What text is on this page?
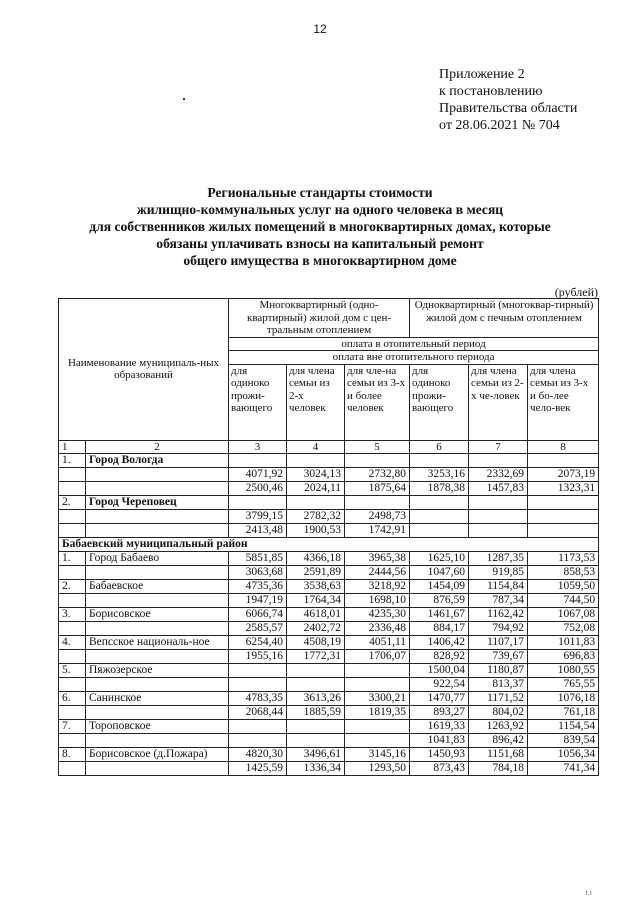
12
Приложение 2
к постановлению
Правительства области
от 28.06.2021 № 704
Региональные стандарты стоимости
жилищно-коммунальных услуг на одного человека в месяц
для собственников жилых помещений в многоквартирных домах, которые
обязаны уплачивать взносы на капитальный ремонт
общего имущества в многоквартирном доме
(рублей)
Наименование муниципаль-ных образований		Многоквартирный (одно-квартирный) жилой дом с цен-тральным отоплением			Одноквартирный (многоквар-тирный) жилой дом с печным отоплением		
		оплата в отопительный период					
		оплата вне отопительного периода					
		для одиноко прожи-вающего	для члена семьи из 2-х человек	для чле-на семьи из 3-х и более человек	для одиноко прожи-вающего	для члена семьи из 2-х че-ловек	для члена семьи из 3-х и бо-лее чело-век
1	2	3	4	5	6	7	8
1.	Город Вологда						
		4071,92	3024,13	2732,80	3253,16	2332,69	2073,19
		2500,46	2024,11	1875,64	1878,38	1457,83	1323,31
2.	Город Череповец						
		3799,15	2782,32	2498,73			
		2413,48	1900,53	1742,91			
Бабаевский муниципальный район							
1.	Город Бабаево	5851,85	4366,18	3965,38	1625,10	1287,35	1173,53
		3063,68	2591,89	2444,56	1047,60	919,85	858,53
2.	Бабаевское	4735,36	3538,63	3218,92	1454,09	1154,84	1059,50
		1947,19	1764,34	1698,10	876,59	787,34	744,50
3.	Борисовское	6066,74	4618,01	4235,30	1461,67	1162,42	1067,08
		2585,57	2402,72	2336,48	884,17	794,92	752,08
4.	Вепсское националь-ное	6254,40	4508,19	4051,11	1406,42	1107,17	1011,83
		1955,16	1772,31	1706,07	828,92	739,67	696,83
5.	Пяжозерское				1500,04	1180,87	1080,55
					922,54	813,37	765,55
6.	Санинское	4783,35	3613,26	3300,21	1470,77	1171,52	1076,18
		2068,44	1885,59	1819,35	893,27	804,02	761,18
7.	Тороповское				1619,33	1263,92	1154,54
					1041,83	896,42	839,54
8.	Борисовское (д.Пожара)	4820,30	3496,61	3145,16	1450,93	1151,68	1056,34
		1425,59	1336,34	1293,50	873,43	784,18	741,34
ı.ı
